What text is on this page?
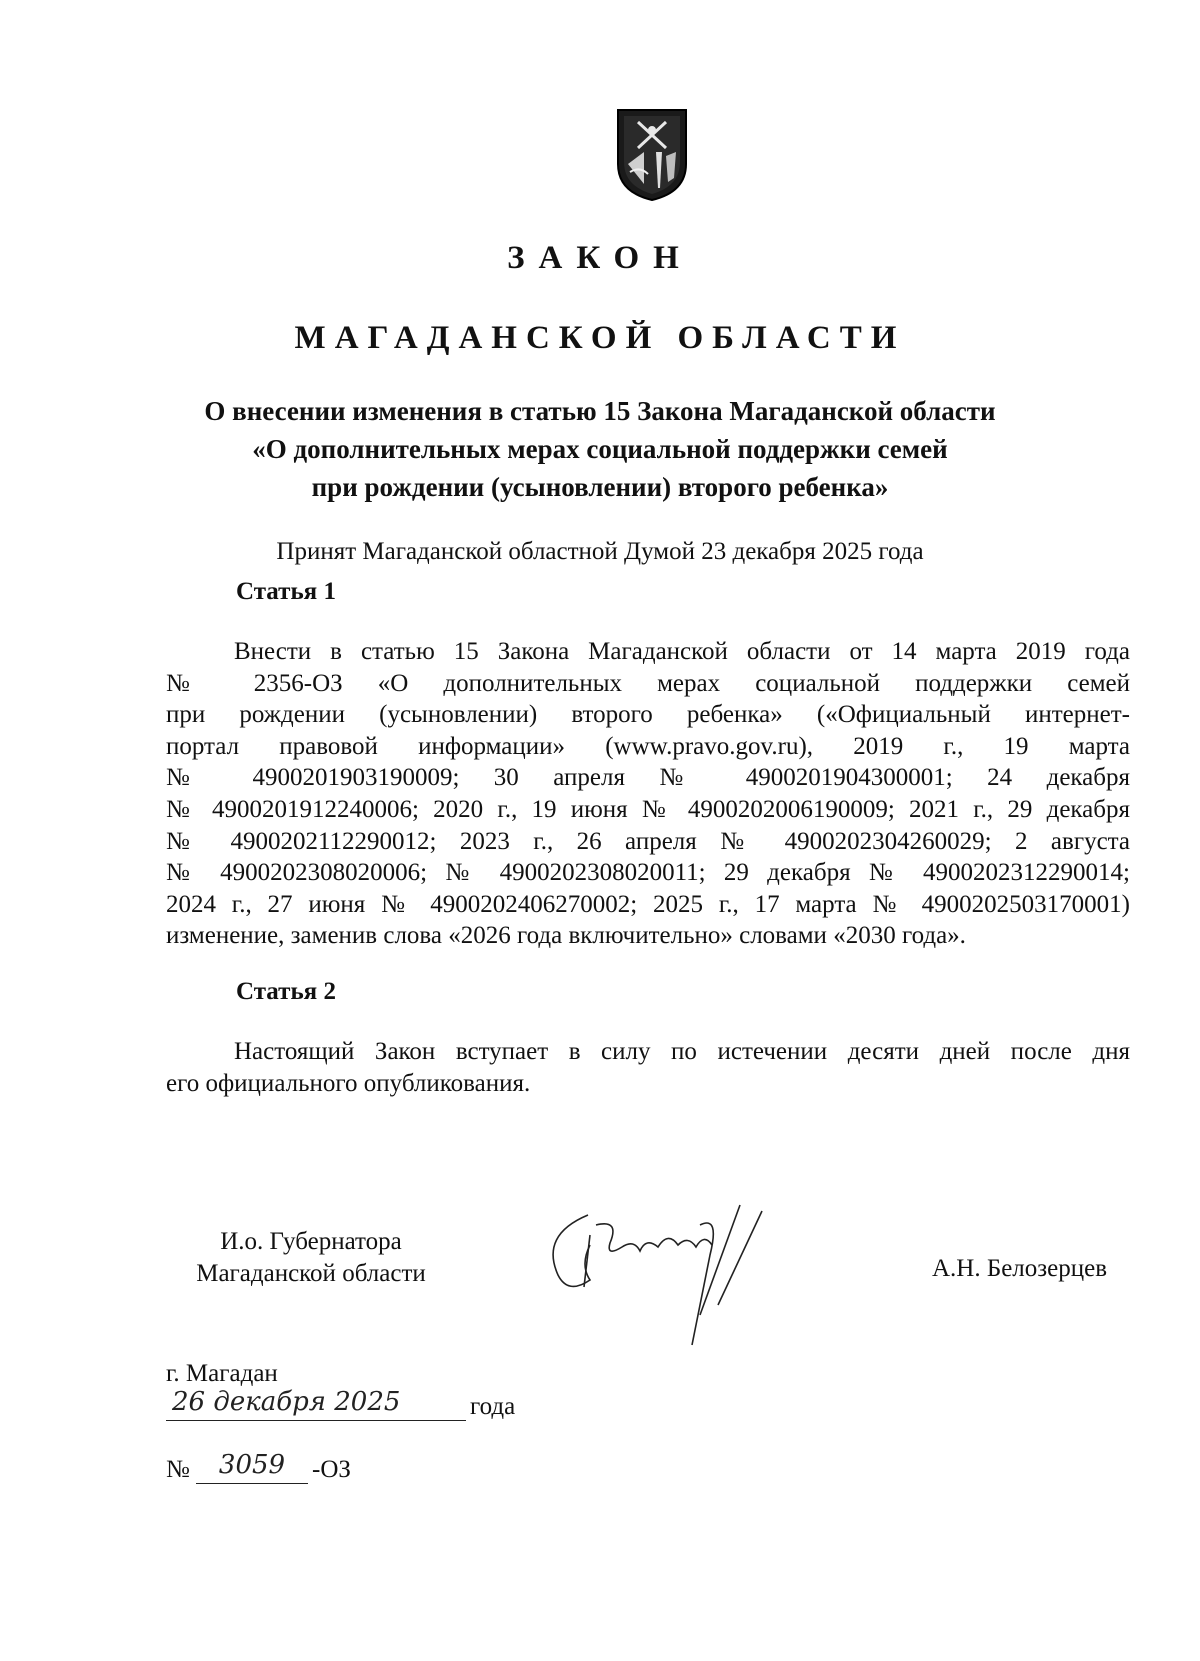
ЗАКОН
МАГАДАНСКОЙ ОБЛАСТИ
О внесении изменения в статью 15 Закона Магаданской области
«О дополнительных мерах социальной поддержки семей
при рождении (усыновлении) второго ребенка»
Принят Магаданской областной Думой 23 декабря 2025 года
Статья 1
Внести в статью 15 Закона Магаданской области от 14 марта 2019 года
№ 2356-ОЗ «О дополнительных мерах социальной поддержки семей
при рождении (усыновлении) второго ребенка» («Официальный интернет-
портал правовой информации» (www.pravo.gov.ru), 2019 г., 19 марта
№ 4900201903190009; 30 апреля № 4900201904300001; 24 декабря
№ 4900201912240006; 2020 г., 19 июня № 4900202006190009; 2021 г., 29 декабря
№ 4900202112290012; 2023 г., 26 апреля № 4900202304260029; 2 августа
№ 4900202308020006; № 4900202308020011; 29 декабря № 4900202312290014;
2024 г., 27 июня № 4900202406270002; 2025 г., 17 марта № 4900202503170001)
изменение, заменив слова «2026 года включительно» словами «2030 года».
Статья 2
Настоящий Закон вступает в силу по истечении десяти дней после дня
его официального опубликования.
И.о. Губернатора
Магаданской области	А.Н. Белозерцев
г. Магадан
26 декабря 2025	года
№	3059	-ОЗ
